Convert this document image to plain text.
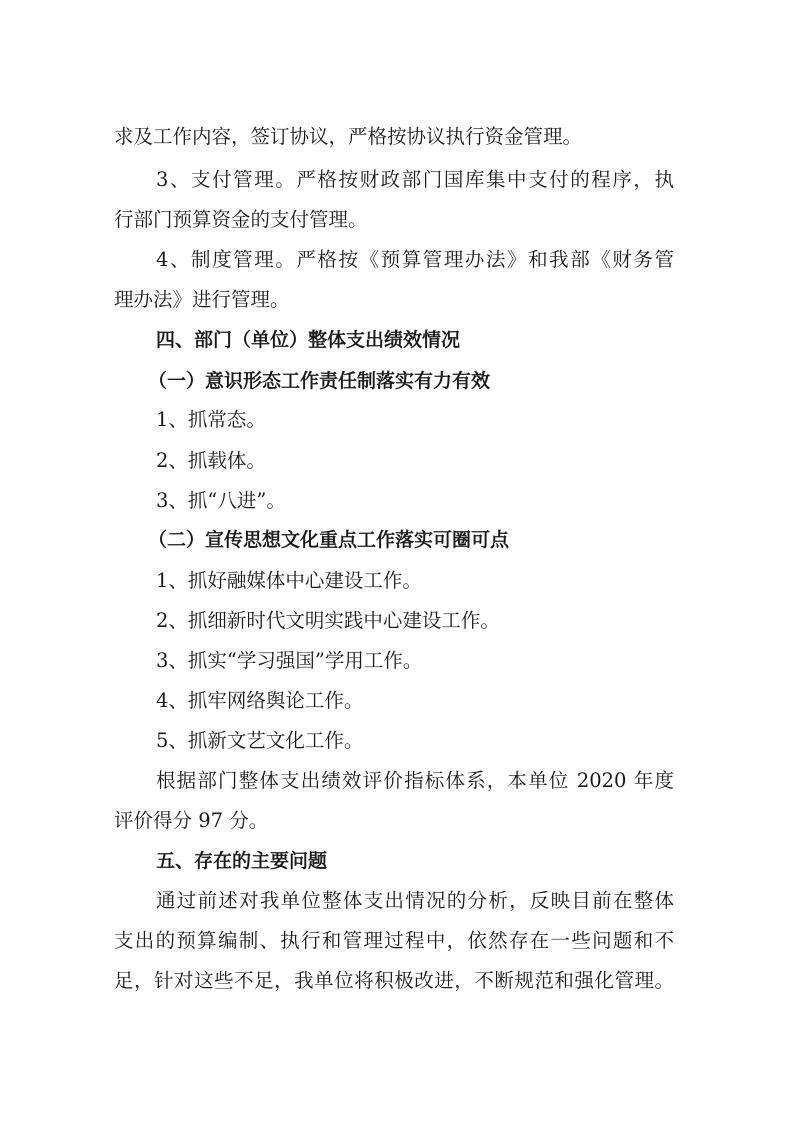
求及工作内容，签订协议，严格按协议执行资金管理。
3、支付管理。严格按财政部门国库集中支付的程序，执
行部门预算资金的支付管理。
4、制度管理。严格按《预算管理办法》和我部《财务管
理办法》进行管理。
四、部门（单位）整体支出绩效情况
（一）意识形态工作责任制落实有力有效
1、抓常态。
2、抓载体。
3、抓“八进”。
（二）宣传思想文化重点工作落实可圈可点
1、抓好融媒体中心建设工作。
2、抓细新时代文明实践中心建设工作。
3、抓实“学习强国”学用工作。
4、抓牢网络舆论工作。
5、抓新文艺文化工作。
根据部门整体支出绩效评价指标体系，本单位 2020 年度
评价得分 97 分。
五、存在的主要问题
通过前述对我单位整体支出情况的分析，反映目前在整体
支出的预算编制、执行和管理过程中，依然存在一些问题和不
足，针对这些不足，我单位将积极改进，不断规范和强化管理。
